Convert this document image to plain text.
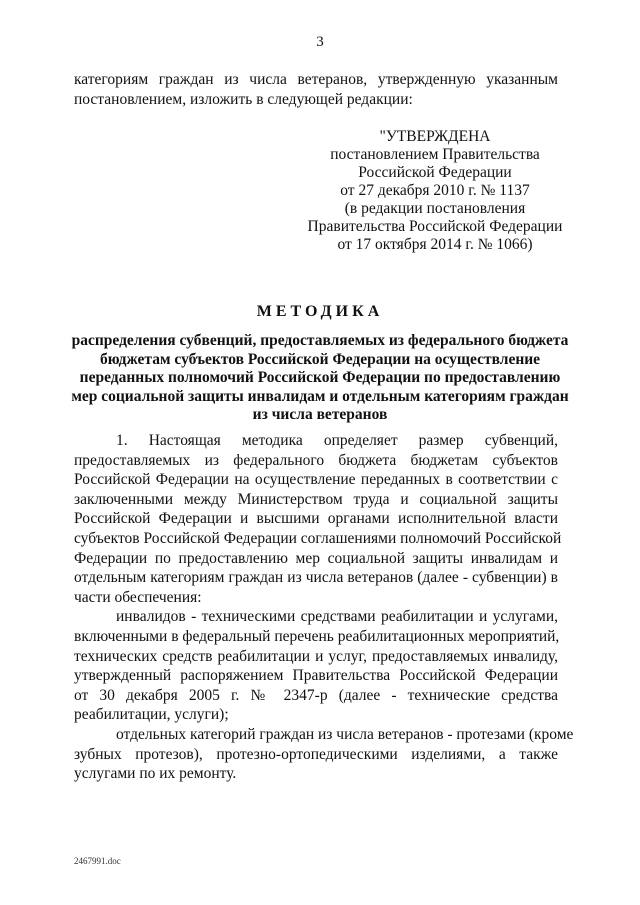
3
категориям граждан из числа ветеранов, утвержденную указанным
постановлением, изложить в следующей редакции:
"УТВЕРЖДЕНА
постановлением Правительства
Российской Федерации
от 27 декабря 2010 г. № 1137
(в редакции постановления
Правительства Российской Федерации
от 17 октября 2014 г. № 1066)
МЕТОДИКА
распределения субвенций, предоставляемых из федерального бюджета
бюджетам субъектов Российской Федерации на осуществление
переданных полномочий Российской Федерации по предоставлению
мер социальной защиты инвалидам и отдельным категориям граждан
из числа ветеранов
1. Настоящая методика определяет размер субвенций,
предоставляемых из федерального бюджета бюджетам субъектов
Российской Федерации на осуществление переданных в соответствии с
заключенными между Министерством труда и социальной защиты
Российской Федерации и высшими органами исполнительной власти
субъектов Российской Федерации соглашениями полномочий Российской
Федерации по предоставлению мер социальной защиты инвалидам и
отдельным категориям граждан из числа ветеранов (далее - субвенции) в
части обеспечения:
инвалидов - техническими средствами реабилитации и услугами,
включенными в федеральный перечень реабилитационных мероприятий,
технических средств реабилитации и услуг, предоставляемых инвалиду,
утвержденный распоряжением Правительства Российской Федерации
от 30 декабря 2005 г. № 2347-р (далее - технические средства
реабилитации, услуги);
отдельных категорий граждан из числа ветеранов - протезами (кроме
зубных протезов), протезно-ортопедическими изделиями, а также
услугами по их ремонту.
2467991.doc
